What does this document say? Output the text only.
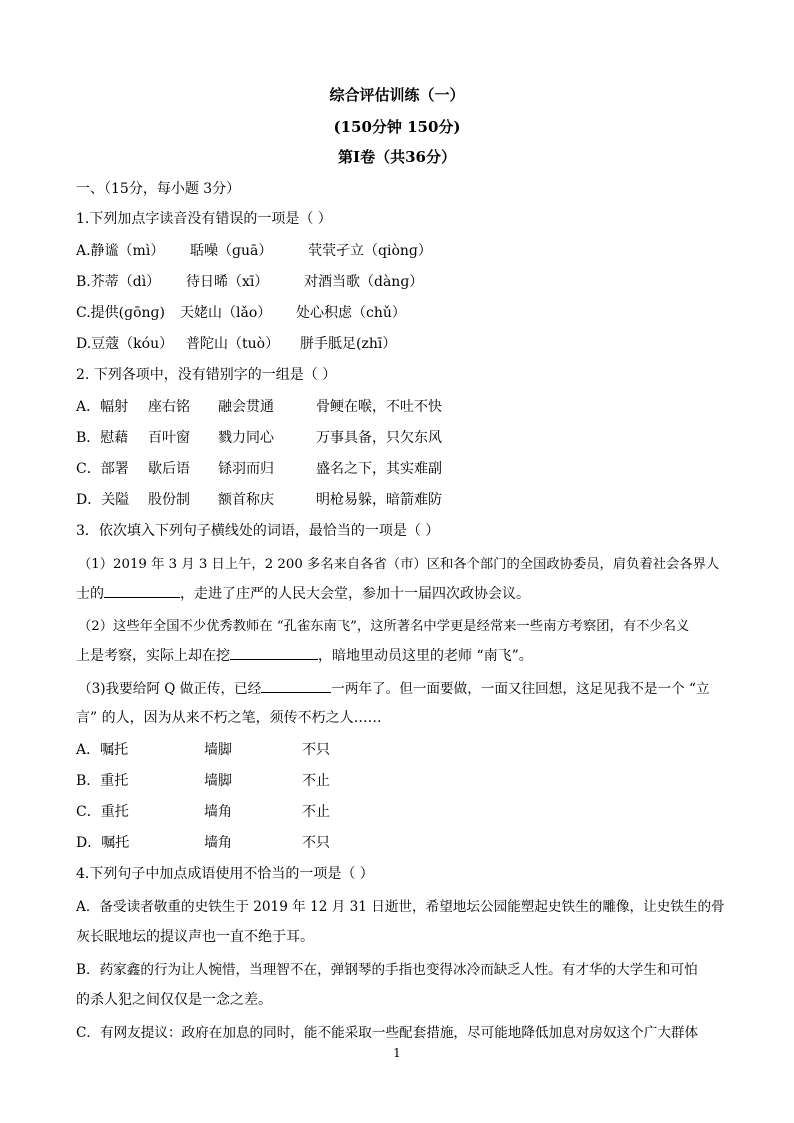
综合评估训练（一）
(150分钟 150分)
第Ⅰ卷（共36分）
一、（15分，每小题 3分）
1.下列加点字读音没有错误的一项是（ ）
A.静谧（mì） 聒噪（ɡuā）	茕茕孑立（qiònɡ）
B.芥蒂（dì） 待日晞（xī）	对酒当歌（dànɡ）
C.提供(ɡōnɡ) 天姥山（lǎo） 处心积虑（chǔ）
D.豆蔻（kóu） 普陀山（tuò） 胼手胝足(zhī）
2. 下列各项中，没有错别字的一组是（ ）
A．幅射 座右铭 融会贯通	骨鲠在喉，不吐不快
B．慰藉 百叶窗 戮力同心	万事具备，只欠东风
C．部署 歇后语 铩羽而归	盛名之下，其实难副
D．关隘 股份制 额首称庆	明枪易躲，暗箭难防
3．依次填入下列句子横线处的词语，最恰当的一项是（ ）
（1）2019 年 3 月 3 日上午，2 200 多名来自各省（市）区和各个部门的全国政协委员，肩负着社会各界人
士的	，走进了庄严的人民大会堂，参加十一届四次政协会议。
（2）这些年全国不少优秀教师在 “孔雀东南飞”，这所著名中学更是经常来一些南方考察团，有不少名义
上是考察，实际上却在挖	，暗地里动员这里的老师 “南飞”。
（3)我要给阿 Q 做正传，已经	一两年了。但一面要做，一面又往回想，这足见我不是一个 “立
言” 的人，因为从来不朽之笔，须传不朽之人……
A．嘱托	墙脚	不只
B．重托	墙脚	不止
C．重托	墙角	不止
D．嘱托	墙角	不只
4.下列句子中加点成语使用不恰当的一项是（ ）
A．备受读者敬重的史铁生于 2019 年 12 月 31 日逝世，希望地坛公园能塑起史铁生的雕像，让史铁生的骨
灰长眠地坛的提议声也一直不绝于耳。
B．药家鑫的行为让人惋惜，当理智不在，弹钢琴的手指也变得冰冷而缺乏人性。有才华的大学生和可怕
的杀人犯之间仅仅是一念之差。
C．有网友提议：政府在加息的同时，能不能采取一些配套措施，尽可能地降低加息对房奴这个广大群体
1
